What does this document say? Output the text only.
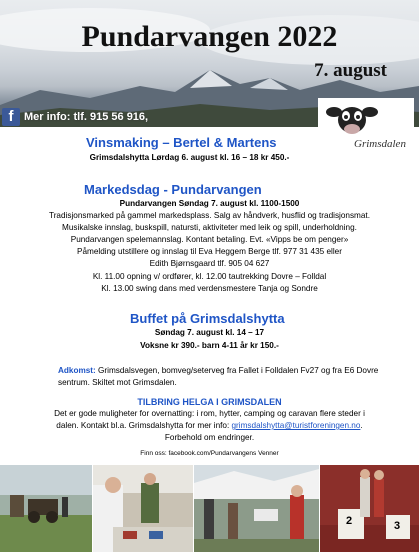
Pundarvangen 2022
7. august
f Mer info: tlf. 915 56 916,
Grimsdalen
Vinsmaking – Bertel & Martens
Grimsdalshytta Lørdag 6. august kl. 16 – 18 kr 450.-
Markedsdag - Pundarvangen
Pundarvangen Søndag 7. august kl. 1100-1500
Tradisjonsmarked på gammel markedsplass. Salg av håndverk, husflid og tradisjonsmat.
Musikalske innslag, buskspill, natursti, aktiviteter med leik og spill, underholdning.
Pundarvangen spelemannslag. Kontant betaling. Evt. «Vipps be om penger»
Påmelding utstillere og innslag til Eva Heggem Berge tlf. 977 31 435 eller
Edith Bjørnsgaard tlf. 905 04 627
Kl. 11.00 opning v/ ordfører, kl. 12.00 tautrekking Dovre – Folldal
Kl. 13.00 swing dans med verdensmestere Tanja og Sondre
Buffet på Grimsdalshytta
Søndag 7. august kl. 14 – 17
Voksne kr 390.- barn 4-11 år kr 150.-
Adkomst: Grimsdalsvegen, bomveg/seterveg fra Fallet i Folldalen Fv27 og fra E6 Dovre
sentrum. Skiltet mot Grimsdalen.
TILBRING HELGA I GRIMSDALEN
Det er gode muligheter for overnatting: i rom, hytter, camping og caravan flere steder i
dalen. Kontakt bl.a. Grimsdalshytta for mer info: grimsdalshytta@turistforeningen.no.
Forbehold om endringer.
Finn oss: facebook.com/Pundarvangens Venner
2	3
